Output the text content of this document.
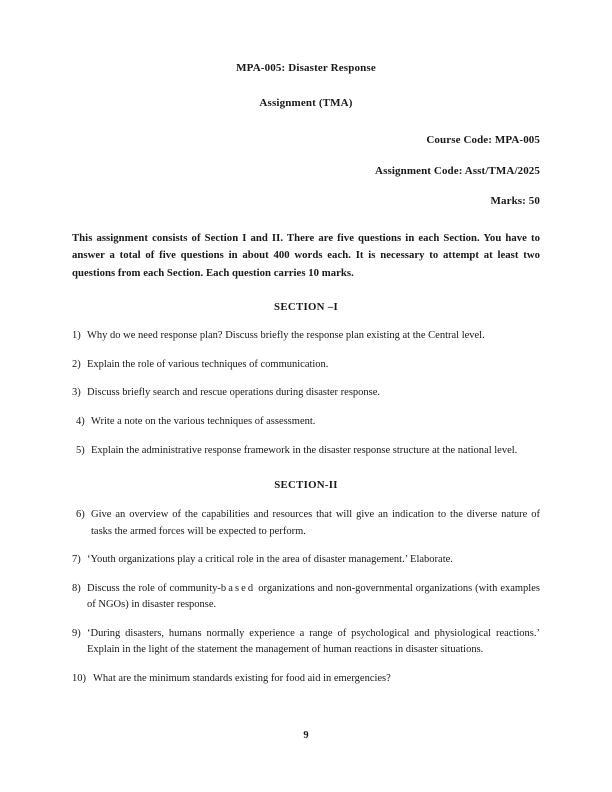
MPA-005: Disaster Response
Assignment (TMA)
Course Code: MPA-005
Assignment Code: Asst/TMA/2025
Marks: 50
This assignment consists of Section I and II. There are five questions in each Section. You have to answer a total of five questions in about 400 words each. It is necessary to attempt at least two questions from each Section. Each question carries 10 marks.
SECTION –I
1) Why do we need response plan? Discuss briefly the response plan existing at the Central level.
2) Explain the role of various techniques of communication.
3) Discuss briefly search and rescue operations during disaster response.
4) Write a note on the various techniques of assessment.
5) Explain the administrative response framework in the disaster response structure at the national level.
SECTION-II
6) Give an overview of the capabilities and resources that will give an indication to the diverse nature of tasks the armed forces will be expected to perform.
7) ‘Youth organizations play a critical role in the area of disaster management.’ Elaborate.
8) Discuss the role of community-based organizations and non-governmental organizations (with examples of NGOs) in disaster response.
9) ‘During disasters, humans normally experience a range of psychological and physiological reactions.’ Explain in the light of the statement the management of human reactions in disaster situations.
10) What are the minimum standards existing for food aid in emergencies?
9
